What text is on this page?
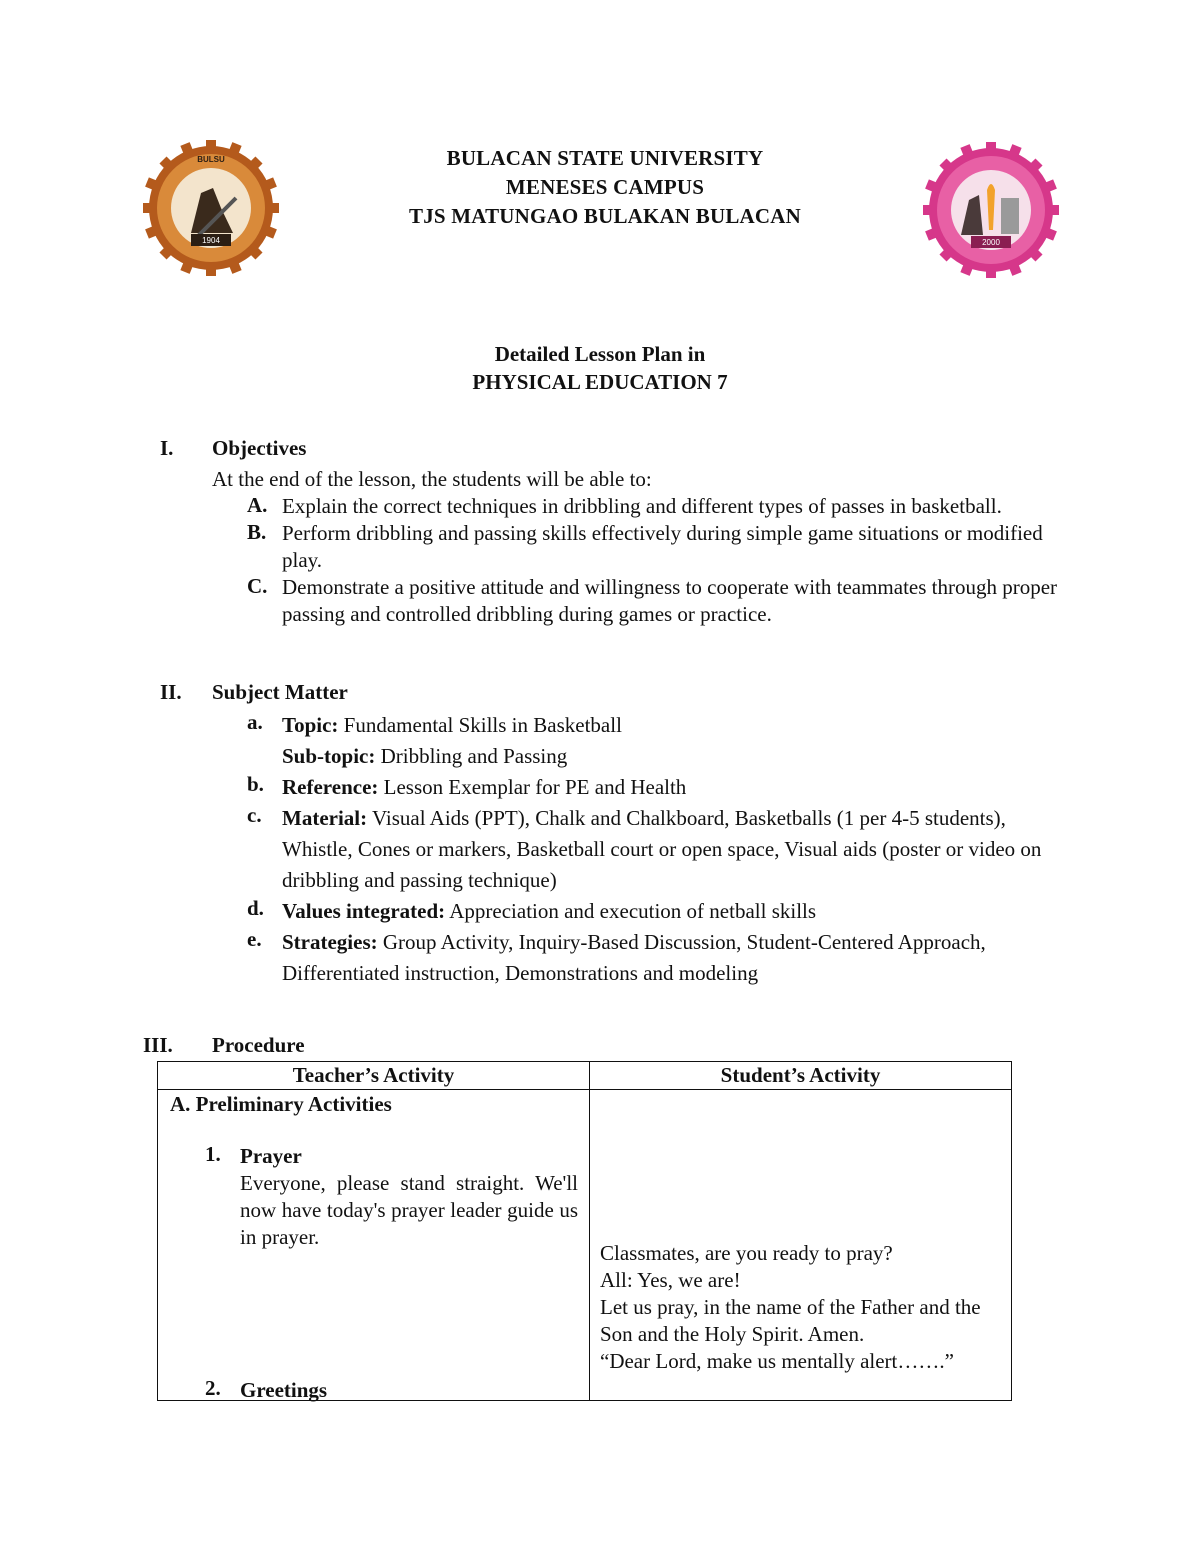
1904
BULSU	BULACAN STATE UNIVERSITY
MENESES CAMPUS
TJS MATUNGAO BULAKAN BULACAN
2000
Detailed Lesson Plan in
PHYSICAL EDUCATION 7
I. Objectives
At the end of the lesson, the students will be able to:
A. Explain the correct techniques in dribbling and different types of passes in basketball.
B. Perform dribbling and passing skills effectively during simple game situations or modified play.
C. Demonstrate a positive attitude and willingness to cooperate with teammates through proper passing and controlled dribbling during games or practice.
II. Subject Matter
a. Topic: Fundamental Skills in Basketball
Sub-topic: Dribbling and Passing
b. Reference: Lesson Exemplar for PE and Health
c. Material: Visual Aids (PPT), Chalk and Chalkboard, Basketballs (1 per 4-5 students), Whistle, Cones or markers, Basketball court or open space, Visual aids (poster or video on dribbling and passing technique)
d. Values integrated: Appreciation and execution of netball skills
e. Strategies: Group Activity, Inquiry-Based Discussion, Student-Centered Approach, Differentiated instruction, Demonstrations and modeling
III. Procedure
Teacher’s Activity	Student’s Activity
A. Preliminary Activities
1. Prayer
Everyone, please stand straight. We'll now have today's prayer leader guide us in prayer.
2. Greetings
Classmates, are you ready to pray?
All: Yes, we are!
Let us pray, in the name of the Father and the Son and the Holy Spirit. Amen.
“Dear Lord, make us mentally alert…….”
